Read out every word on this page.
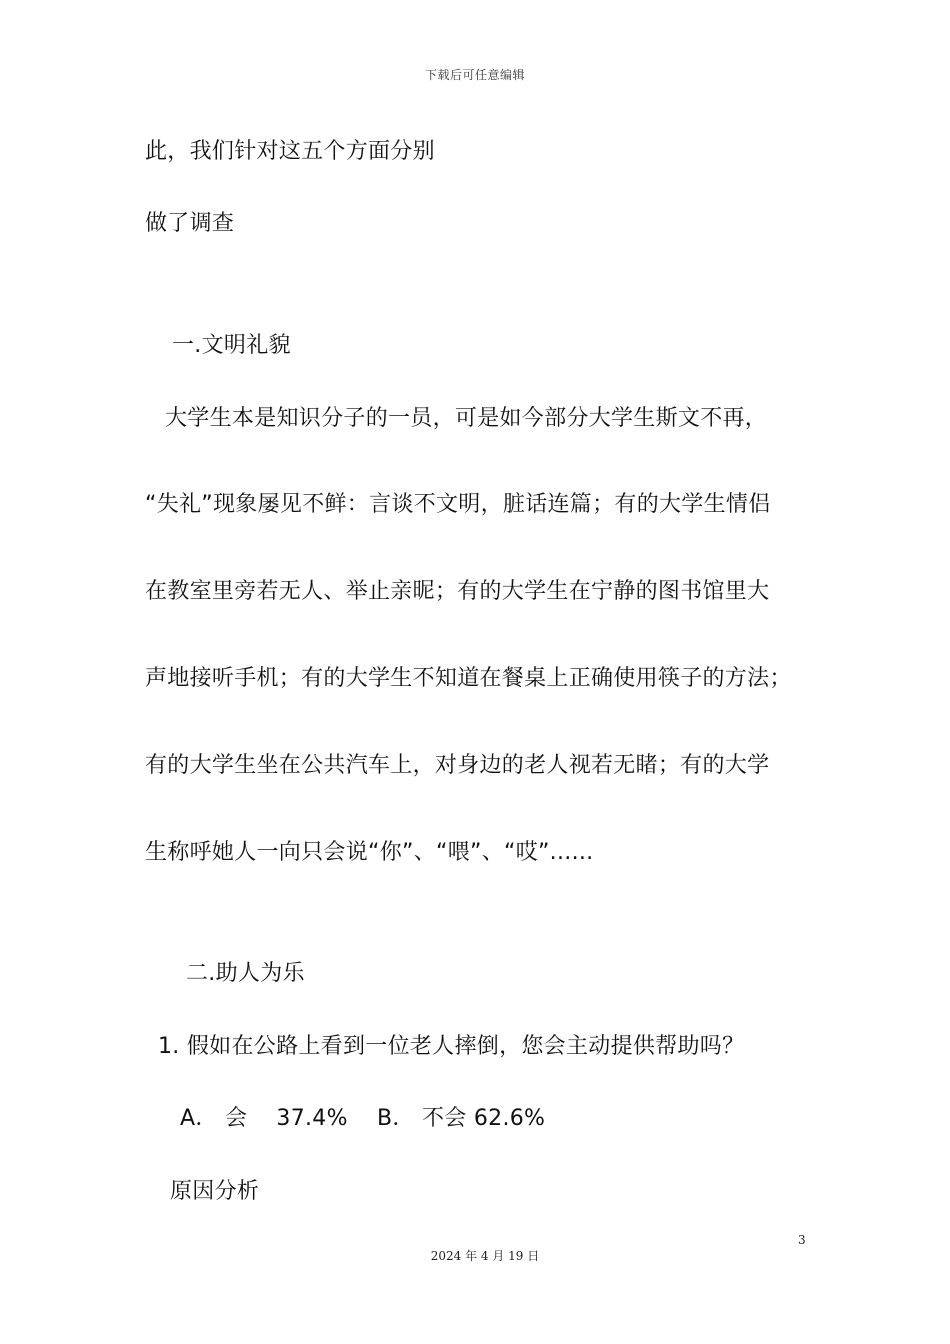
下载后可任意编辑
此，我们针对这五个方面分别
做了调查
一.文明礼貌
大学生本是知识分子的一员，可是如今部分大学生斯文不再，
“失礼”现象屡见不鲜：言谈不文明，脏话连篇；有的大学生情侣
在教室里旁若无人、举止亲昵；有的大学生在宁静的图书馆里大
声地接听手机；有的大学生不知道在餐桌上正确使用筷子的方法；
有的大学生坐在公共汽车上，对身边的老人视若无睹；有的大学
生称呼她人一向只会说“你”、“喂”、“哎”......
二.助人为乐
1. 假如在公路上看到一位老人摔倒，您会主动提供帮助吗？
A． 会    37.4%    B． 不会 62.6%
原因分析
3
2024 年 4 月 19 日
